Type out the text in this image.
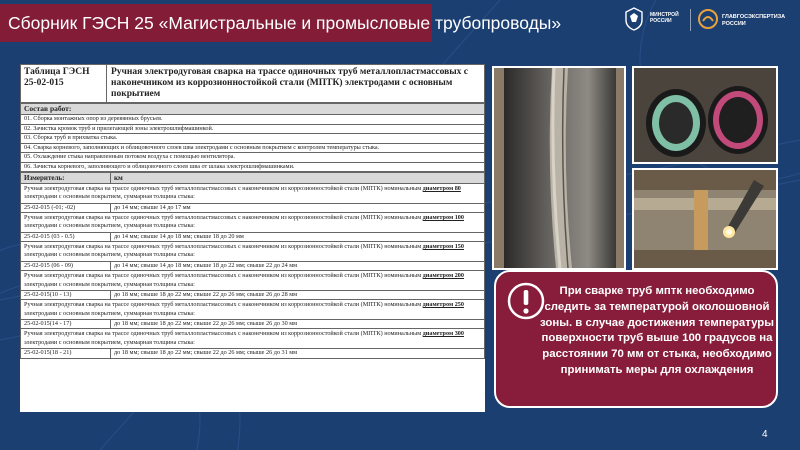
Сборник ГЭСН 25 «Магистральные и промысловые трубопроводы»	МИНСТРОЙ
РОССИИ
ГЛАВГОСЭКСПЕРТИЗА
РОССИИ
Таблица ГЭСН 25-02-015	Ручная электродуговая сварка на трассе одиночных труб металлопластмассовых с наконечником из коррозионностойкой стали (МПТК) электродами с основным покрытием
Состав работ:
01. Сборка монтажных опор из деревянных брусьев.
02. Зачистка кромок труб и прилегающей зоны электрошлифмашинкой.
03. Сборка труб и прихватка стыка.
04. Сварка корневого, заполняющих и облицовочного слоев шва электродами с основным покрытием с контролем температуры стыка.
05. Охлаждение стыка направленным потоком воздуха с помощью вентилятора.
06. Зачистка корневого, заполняющего и облицовочного слоев шва от шлака электрошлифмашинками.
Измеритель:	км
Ручная электродуговая сварка на трассе одиночных труб металлопластмассовых с наконечником из коррозионностойкой стали (МПТК) номинальным диаметром 80 электродами с основным покрытием, суммарная толщина стыка:	
25-02-015 (-01; -02)	до 14 мм; свыше 14 до 17 мм
Ручная электродуговая сварка на трассе одиночных труб металлопластмассовых с наконечником из коррозионностойкой стали (МПТК) номинальным диаметром 100 электродами с основным покрытием, суммарная толщина стыка:	
25-02-015 (03 - 0.5)	до 14 мм; свыше 14 до 18 мм; свыше 18 до 20 мм
Ручная электродуговая сварка на трассе одиночных труб металлопластмассовых с наконечником из коррозионностойкой стали (МПТК) номинальным диаметром 150 электродами с основным покрытием, суммарная толщина стыка:	
25-02-015 (06 - 09)	до 14 мм; свыше 14 до 18 мм; свыше 18 до 22 мм; свыше 22 до 24 мм
Ручная электродуговая сварка на трассе одиночных труб металлопластмассовых с наконечником из коррозионностойкой стали (МПТК) номинальным диаметром 200 электродами с основным покрытием, суммарная толщина стыка:	
25-02-015(10 - 13)	до 18 мм; свыше 18 до 22 мм; свыше 22 до 26 мм; свыше 26 до 28 мм
Ручная электродуговая сварка на трассе одиночных труб металлопластмассовых с наконечником из коррозионностойкой стали (МПТК) номинальным диаметром 250 электродами с основным покрытием, суммарная толщина стыка:	
25-02-015(14 - 17)	до 18 мм; свыше 18 до 22 мм; свыше 22 до 26 мм; свыше 26 до 30 мм
Ручная электродуговая сварка на трассе одиночных труб металлопластмассовых с наконечником из коррозионностойкой стали (МПТК) номинальным диаметром 300 электродами с основным покрытием, суммарная толщина стыка:	
25-02-015(18 - 21)	до 18 мм; свыше 18 до 22 мм; свыше 22 до 26 мм; свыше 26 до 31 мм
При сварке труб мптк необходимо следить за температурой околошовной зоны. в случае достижения температуры поверхности труб выше 100 градусов на расстоянии 70 мм от стыка, необходимо принимать меры для охлаждения
4
